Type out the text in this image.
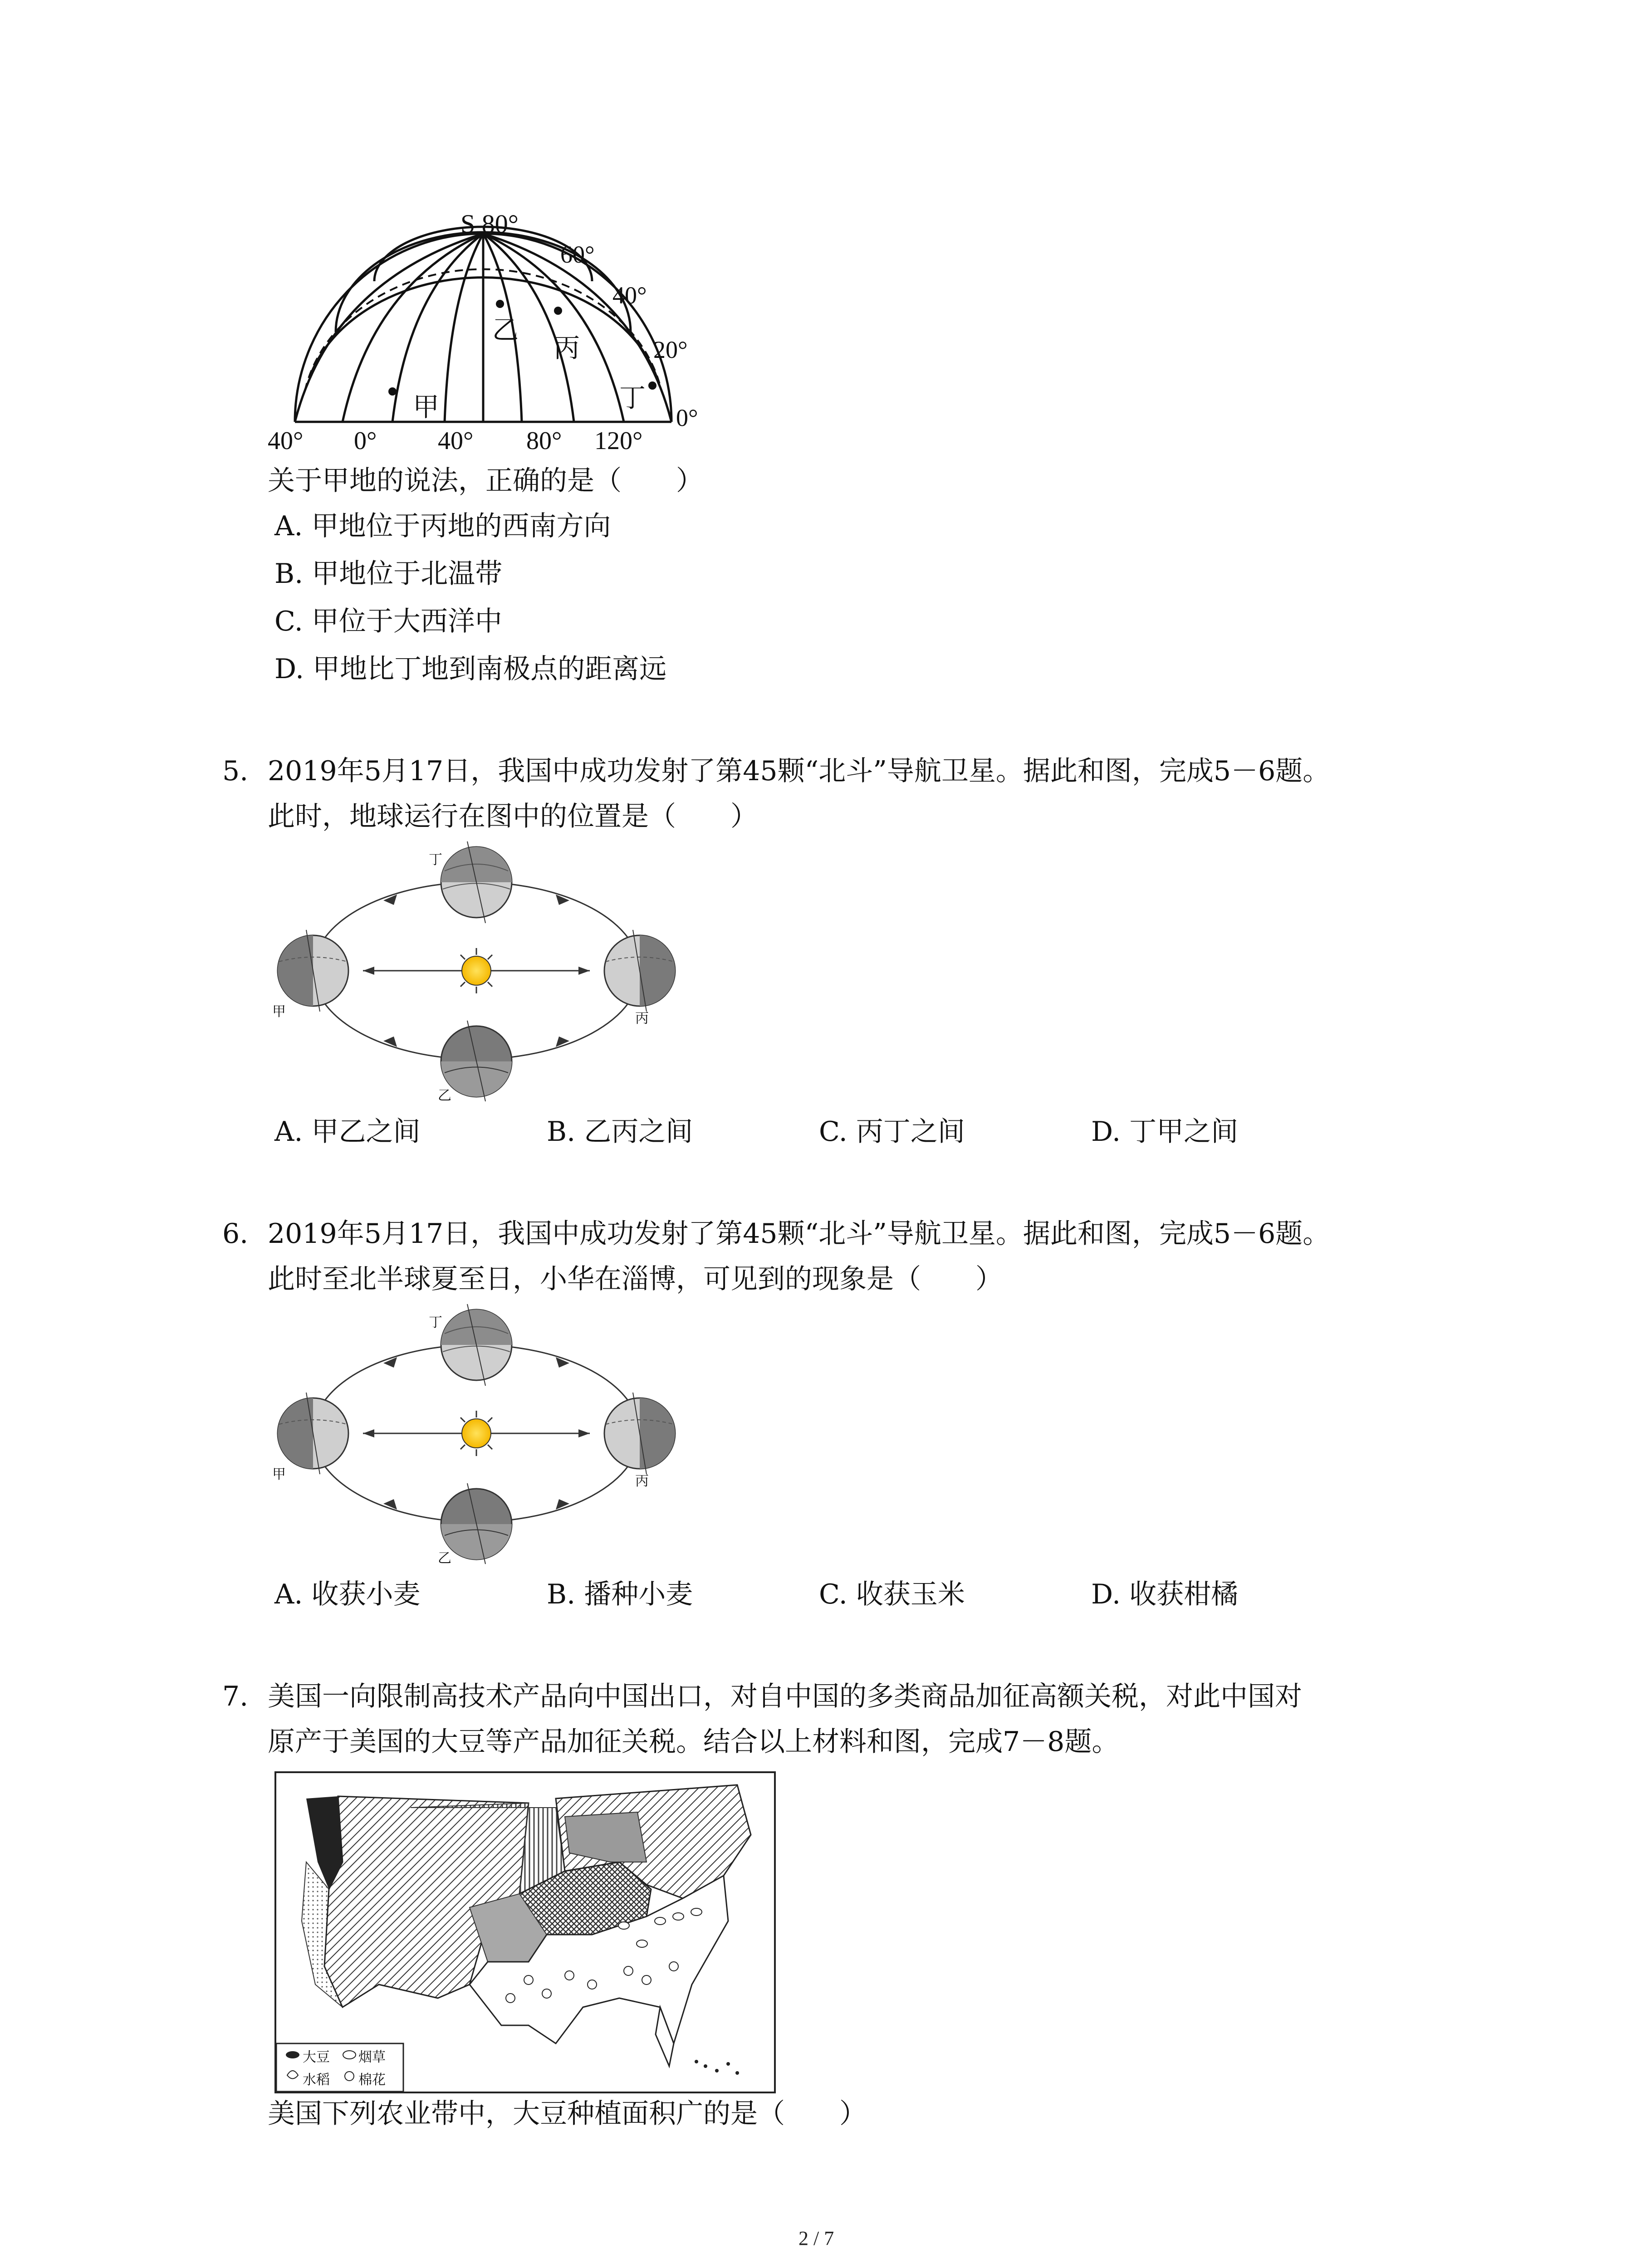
S 80°
60°
40°
20°
0°
甲
乙
丙
丁
40° 0° 40° 80° 120°
关于甲地的说法，正确的是（　　）
A. 甲地位于丙地的西南方向
B. 甲地位于北温带
C. 甲位于大西洋中
D. 甲地比丁地到南极点的距离远
5. 2019年5月17日，我国中成功发射了第45颗“北斗”导航卫星。据此和图，完成5－6题。
此时，地球运行在图中的位置是（　　）
甲
乙
丙
丁
A. 甲乙之间	B. 乙丙之间	C. 丙丁之间	D. 丁甲之间
6. 2019年5月17日，我国中成功发射了第45颗“北斗”导航卫星。据此和图，完成5－6题。
此时至北半球夏至日，小华在淄博，可见到的现象是（　　）
甲
乙
丙
丁
A. 收获小麦	B. 播种小麦	C. 收获玉米	D. 收获柑橘
7. 美国一向限制高技术产品向中国出口，对自中国的多类商品加征高额关税，对此中国对
原产于美国的大豆等产品加征关税。结合以上材料和图，完成7－8题。
大豆 烟草
水稻 棉花
美国下列农业带中，大豆种植面积广的是（　　）
2 / 7
